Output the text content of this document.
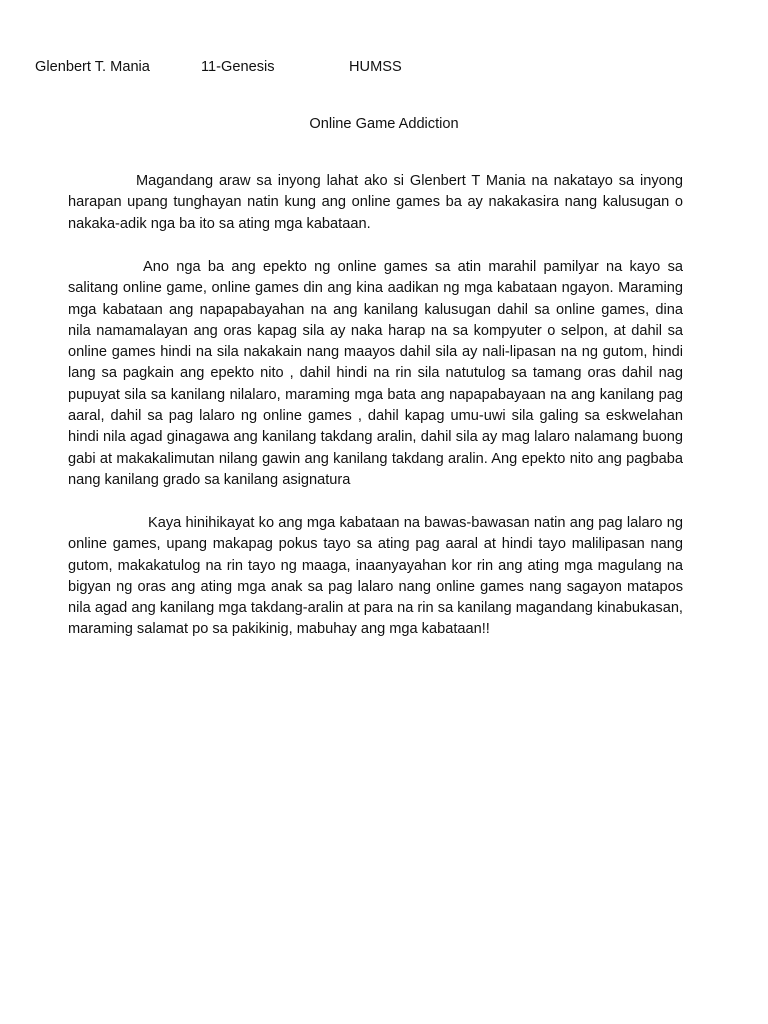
Glenbert T. Mania	11-Genesis	HUMSS
Online Game Addiction

Magandang araw sa inyong lahat ako si Glenbert T Mania na nakatayo sa inyong harapan upang tunghayan natin kung ang online games ba ay nakakasira nang kalusugan o nakaka-adik nga ba ito sa ating mga kabataan.

Ano nga ba ang epekto ng online games sa atin marahil pamilyar na kayo sa salitang online game, online games din ang kina aadikan ng mga kabataan ngayon. Maraming mga kabataan ang napapabayahan na ang kanilang kalusugan dahil sa online games, dina nila namamalayan ang oras kapag sila ay naka harap na sa kompyuter o selpon, at dahil sa online games hindi na sila nakakain nang maayos dahil sila ay nali-lipasan na ng gutom, hindi lang sa pagkain ang epekto nito , dahil hindi na rin sila natutulog sa tamang oras dahil nag pupuyat sila sa kanilang nilalaro, maraming mga bata ang napapabayaan na ang kanilang pag aaral, dahil sa pag lalaro ng online games , dahil kapag umu-uwi sila galing sa eskwelahan hindi nila agad ginagawa ang kanilang takdang aralin, dahil sila ay mag lalaro nalamang buong gabi at makakalimutan nilang gawin ang kanilang takdang aralin. Ang epekto nito ang pagbaba nang kanilang grado sa kanilang asignatura

Kaya hinihikayat ko ang mga kabataan na bawas-bawasan natin ang pag lalaro ng online games, upang makapag pokus tayo sa ating pag aaral at hindi tayo malilipasan nang gutom, makakatulog na rin tayo ng maaga, inaanyayahan kor rin ang ating mga magulang na bigyan ng oras ang ating mga anak sa pag lalaro nang online games nang sagayon matapos nila agad ang kanilang mga takdang-aralin at para na rin sa kanilang magandang kinabukasan, maraming salamat po sa pakikinig, mabuhay ang mga kabataan!!
